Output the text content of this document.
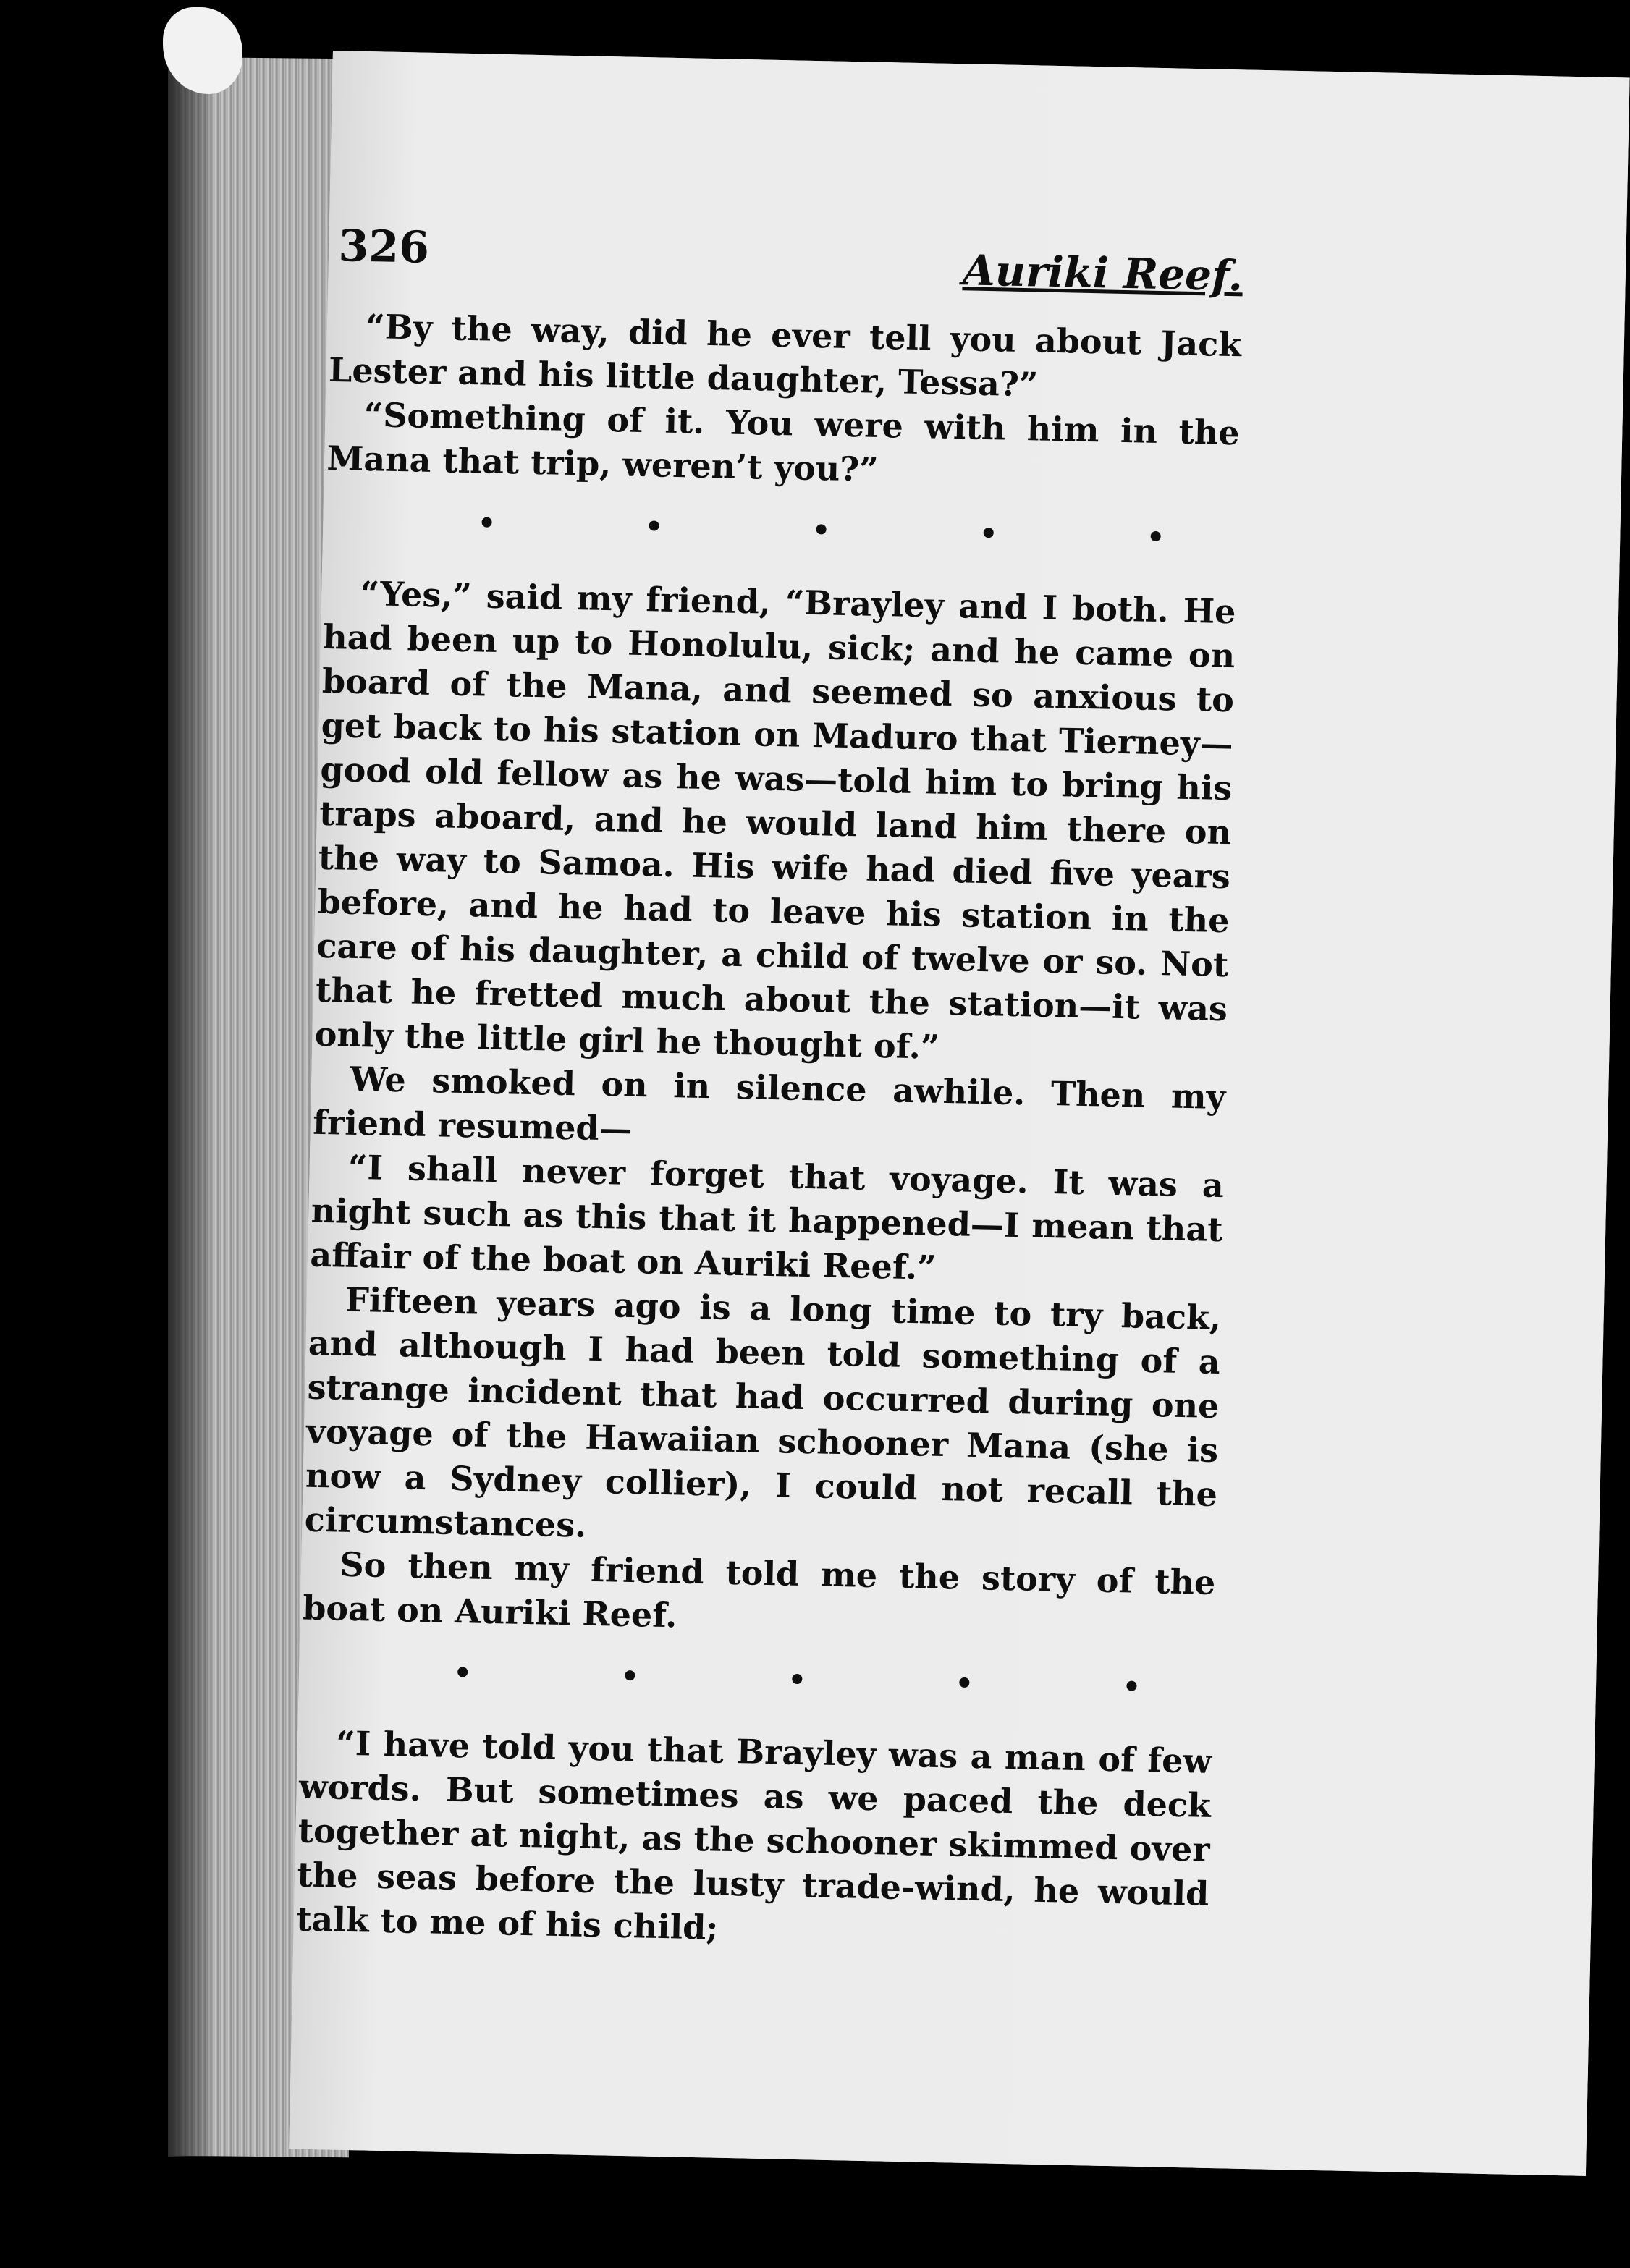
326	Auriki Reef.

“By the way, did he ever tell you about Jack Lester and his little daughter, Tessa?”

“Something of it. You were with him in the Mana that trip, weren’t you?”

•	•	•	•	•

“Yes,” said my friend, “Brayley and I both. He had been up to Honolulu, sick; and he came on board of the Mana, and seemed so anxious to get back to his station on Maduro that Tierney—good old fellow as he was—told him to bring his traps aboard, and he would land him there on the way to Samoa. His wife had died five years before, and he had to leave his station in the care of his daughter, a child of twelve or so. Not that he fretted much about the station—it was only the little girl he thought of.”

We smoked on in silence awhile. Then my friend resumed—

“I shall never forget that voyage. It was a night such as this that it happened—I mean that affair of the boat on Auriki Reef.”

Fifteen years ago is a long time to try back, and although I had been told something of a strange incident that had occurred during one voyage of the Hawaiian schooner Mana (she is now a Sydney collier), I could not recall the circumstances.

So then my friend told me the story of the boat on Auriki Reef.

•	•	•	•	•

“I have told you that Brayley was a man of few words. But sometimes as we paced the deck together at night, as the schooner skimmed over the seas before the lusty trade-wind, he would talk to me of his child;
